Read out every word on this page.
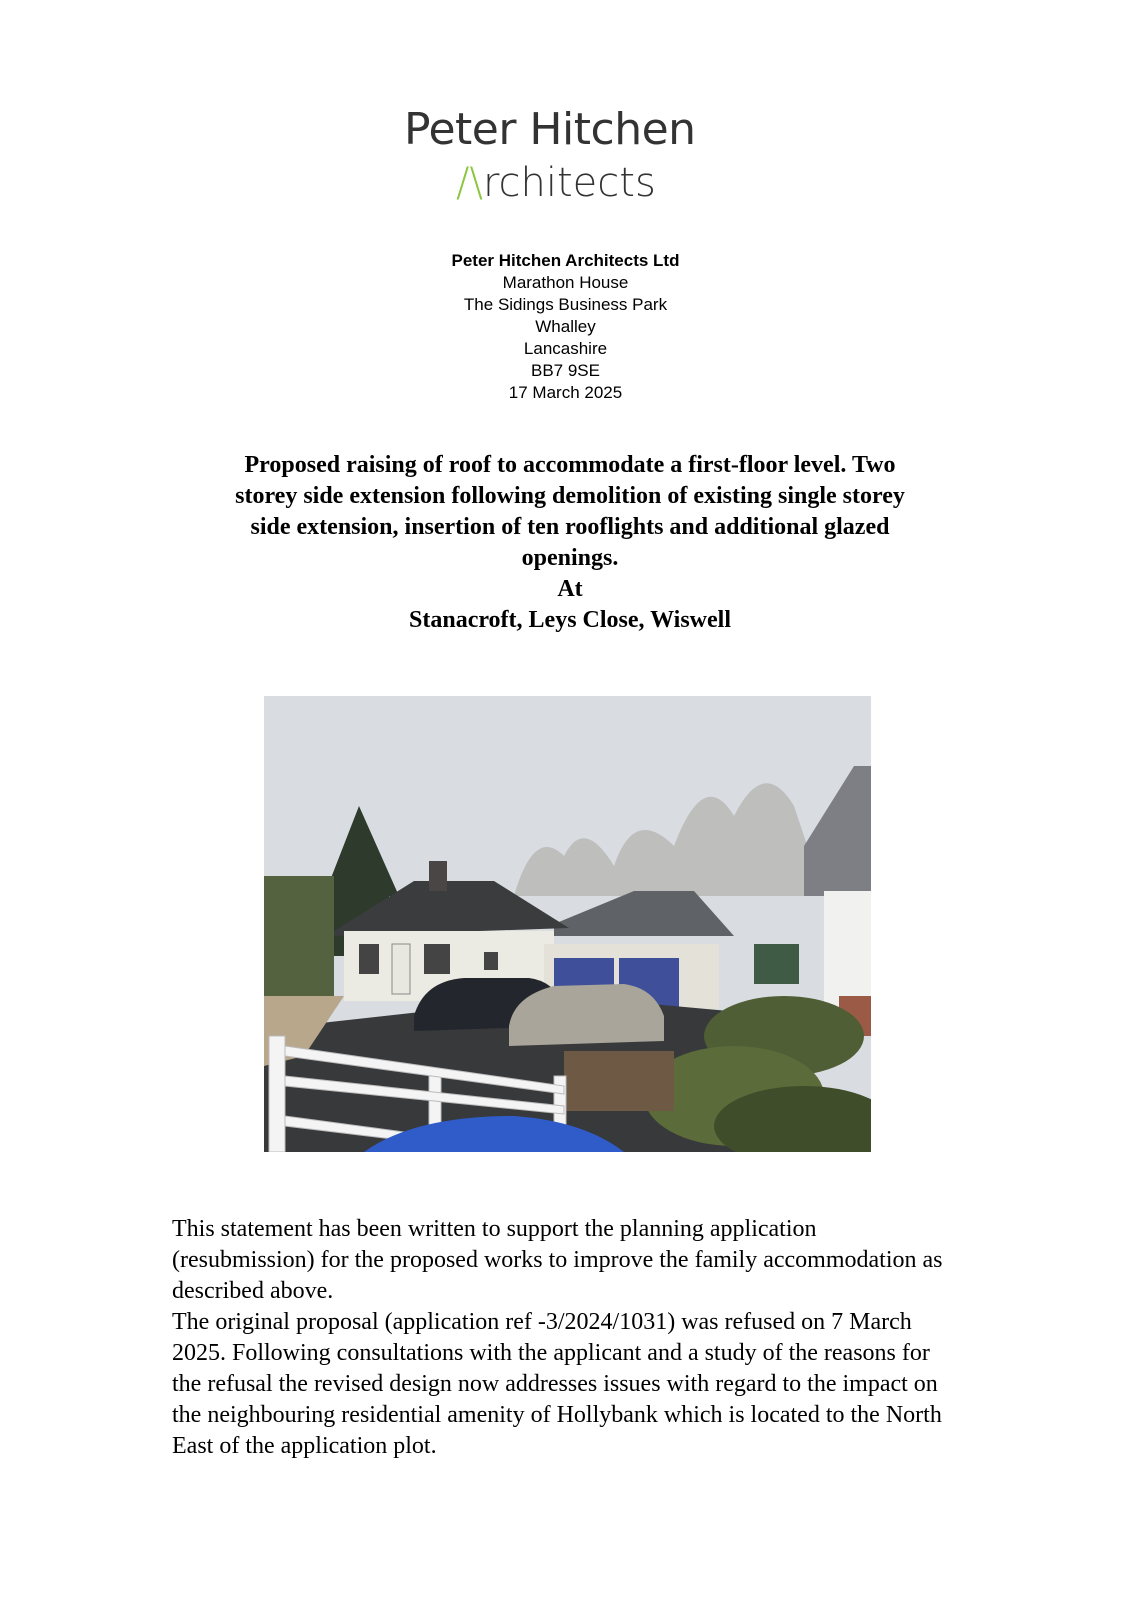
Peter Hitchen
/\rchitects
Peter Hitchen Architects Ltd
Marathon House
The Sidings Business Park
Whalley
Lancashire
BB7 9SE
17 March 2025
Proposed raising of roof to accommodate a first-floor level. Two
storey side extension following demolition of existing single storey
side extension, insertion of ten rooflights and additional glazed
openings.
At
Stanacroft, Leys Close, Wiswell

This statement has been written to support the planning application (resubmission) for the proposed works to improve the family accommodation as described above.

The original proposal (application ref -3/2024/1031) was refused on 7 March 2025. Following consultations with the applicant and a study of the reasons for the refusal the revised design now addresses issues with regard to the impact on the neighbouring residential amenity of Hollybank which is located to the North East of the application plot.
